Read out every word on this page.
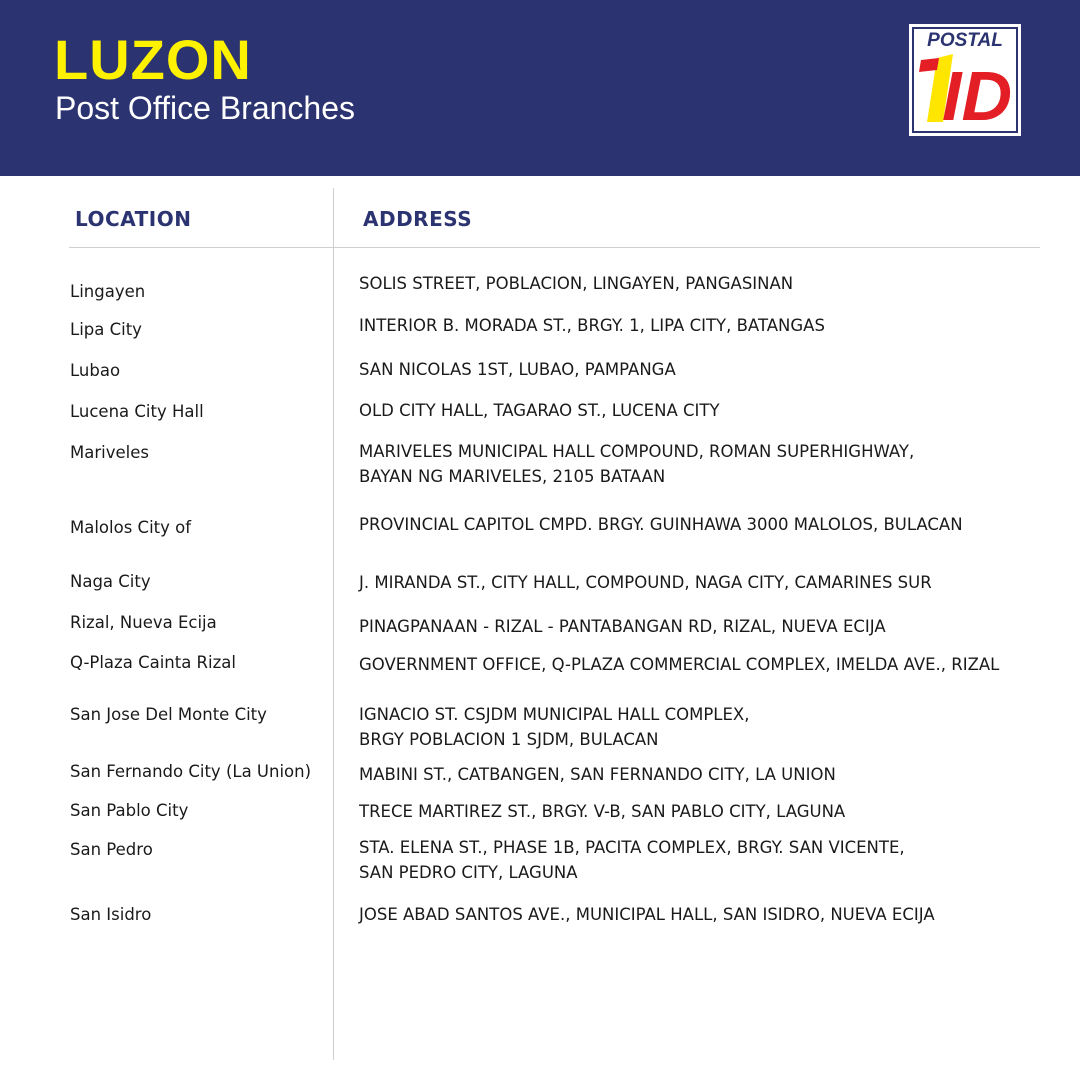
LUZON
Post Office Branches
POSTAL
ID
LOCATION	ADDRESS
Lingayen	SOLIS STREET, POBLACION, LINGAYEN, PANGASINAN
Lipa City	INTERIOR B. MORADA ST., BRGY. 1, LIPA CITY, BATANGAS
Lubao	SAN NICOLAS 1ST, LUBAO, PAMPANGA
Lucena City Hall	OLD CITY HALL, TAGARAO ST., LUCENA CITY
Mariveles	MARIVELES MUNICIPAL HALL COMPOUND, ROMAN SUPERHIGHWAY,
BAYAN NG MARIVELES, 2105 BATAAN
Malolos City of	PROVINCIAL CAPITOL CMPD. BRGY. GUINHAWA 3000 MALOLOS, BULACAN
Naga City	J. MIRANDA ST., CITY HALL, COMPOUND, NAGA CITY, CAMARINES SUR
Rizal, Nueva Ecija	PINAGPANAAN - RIZAL - PANTABANGAN RD, RIZAL, NUEVA ECIJA
Q-Plaza Cainta Rizal	GOVERNMENT OFFICE, Q-PLAZA COMMERCIAL COMPLEX, IMELDA AVE., RIZAL
San Jose Del Monte City	IGNACIO ST. CSJDM MUNICIPAL HALL COMPLEX,
BRGY POBLACION 1 SJDM, BULACAN
San Fernando City (La Union)	MABINI ST., CATBANGEN, SAN FERNANDO CITY, LA UNION
San Pablo City	TRECE MARTIREZ ST., BRGY. V-B, SAN PABLO CITY, LAGUNA
San Pedro	STA. ELENA ST., PHASE 1B, PACITA COMPLEX, BRGY. SAN VICENTE,
SAN PEDRO CITY, LAGUNA
San Isidro	JOSE ABAD SANTOS AVE., MUNICIPAL HALL, SAN ISIDRO, NUEVA ECIJA
